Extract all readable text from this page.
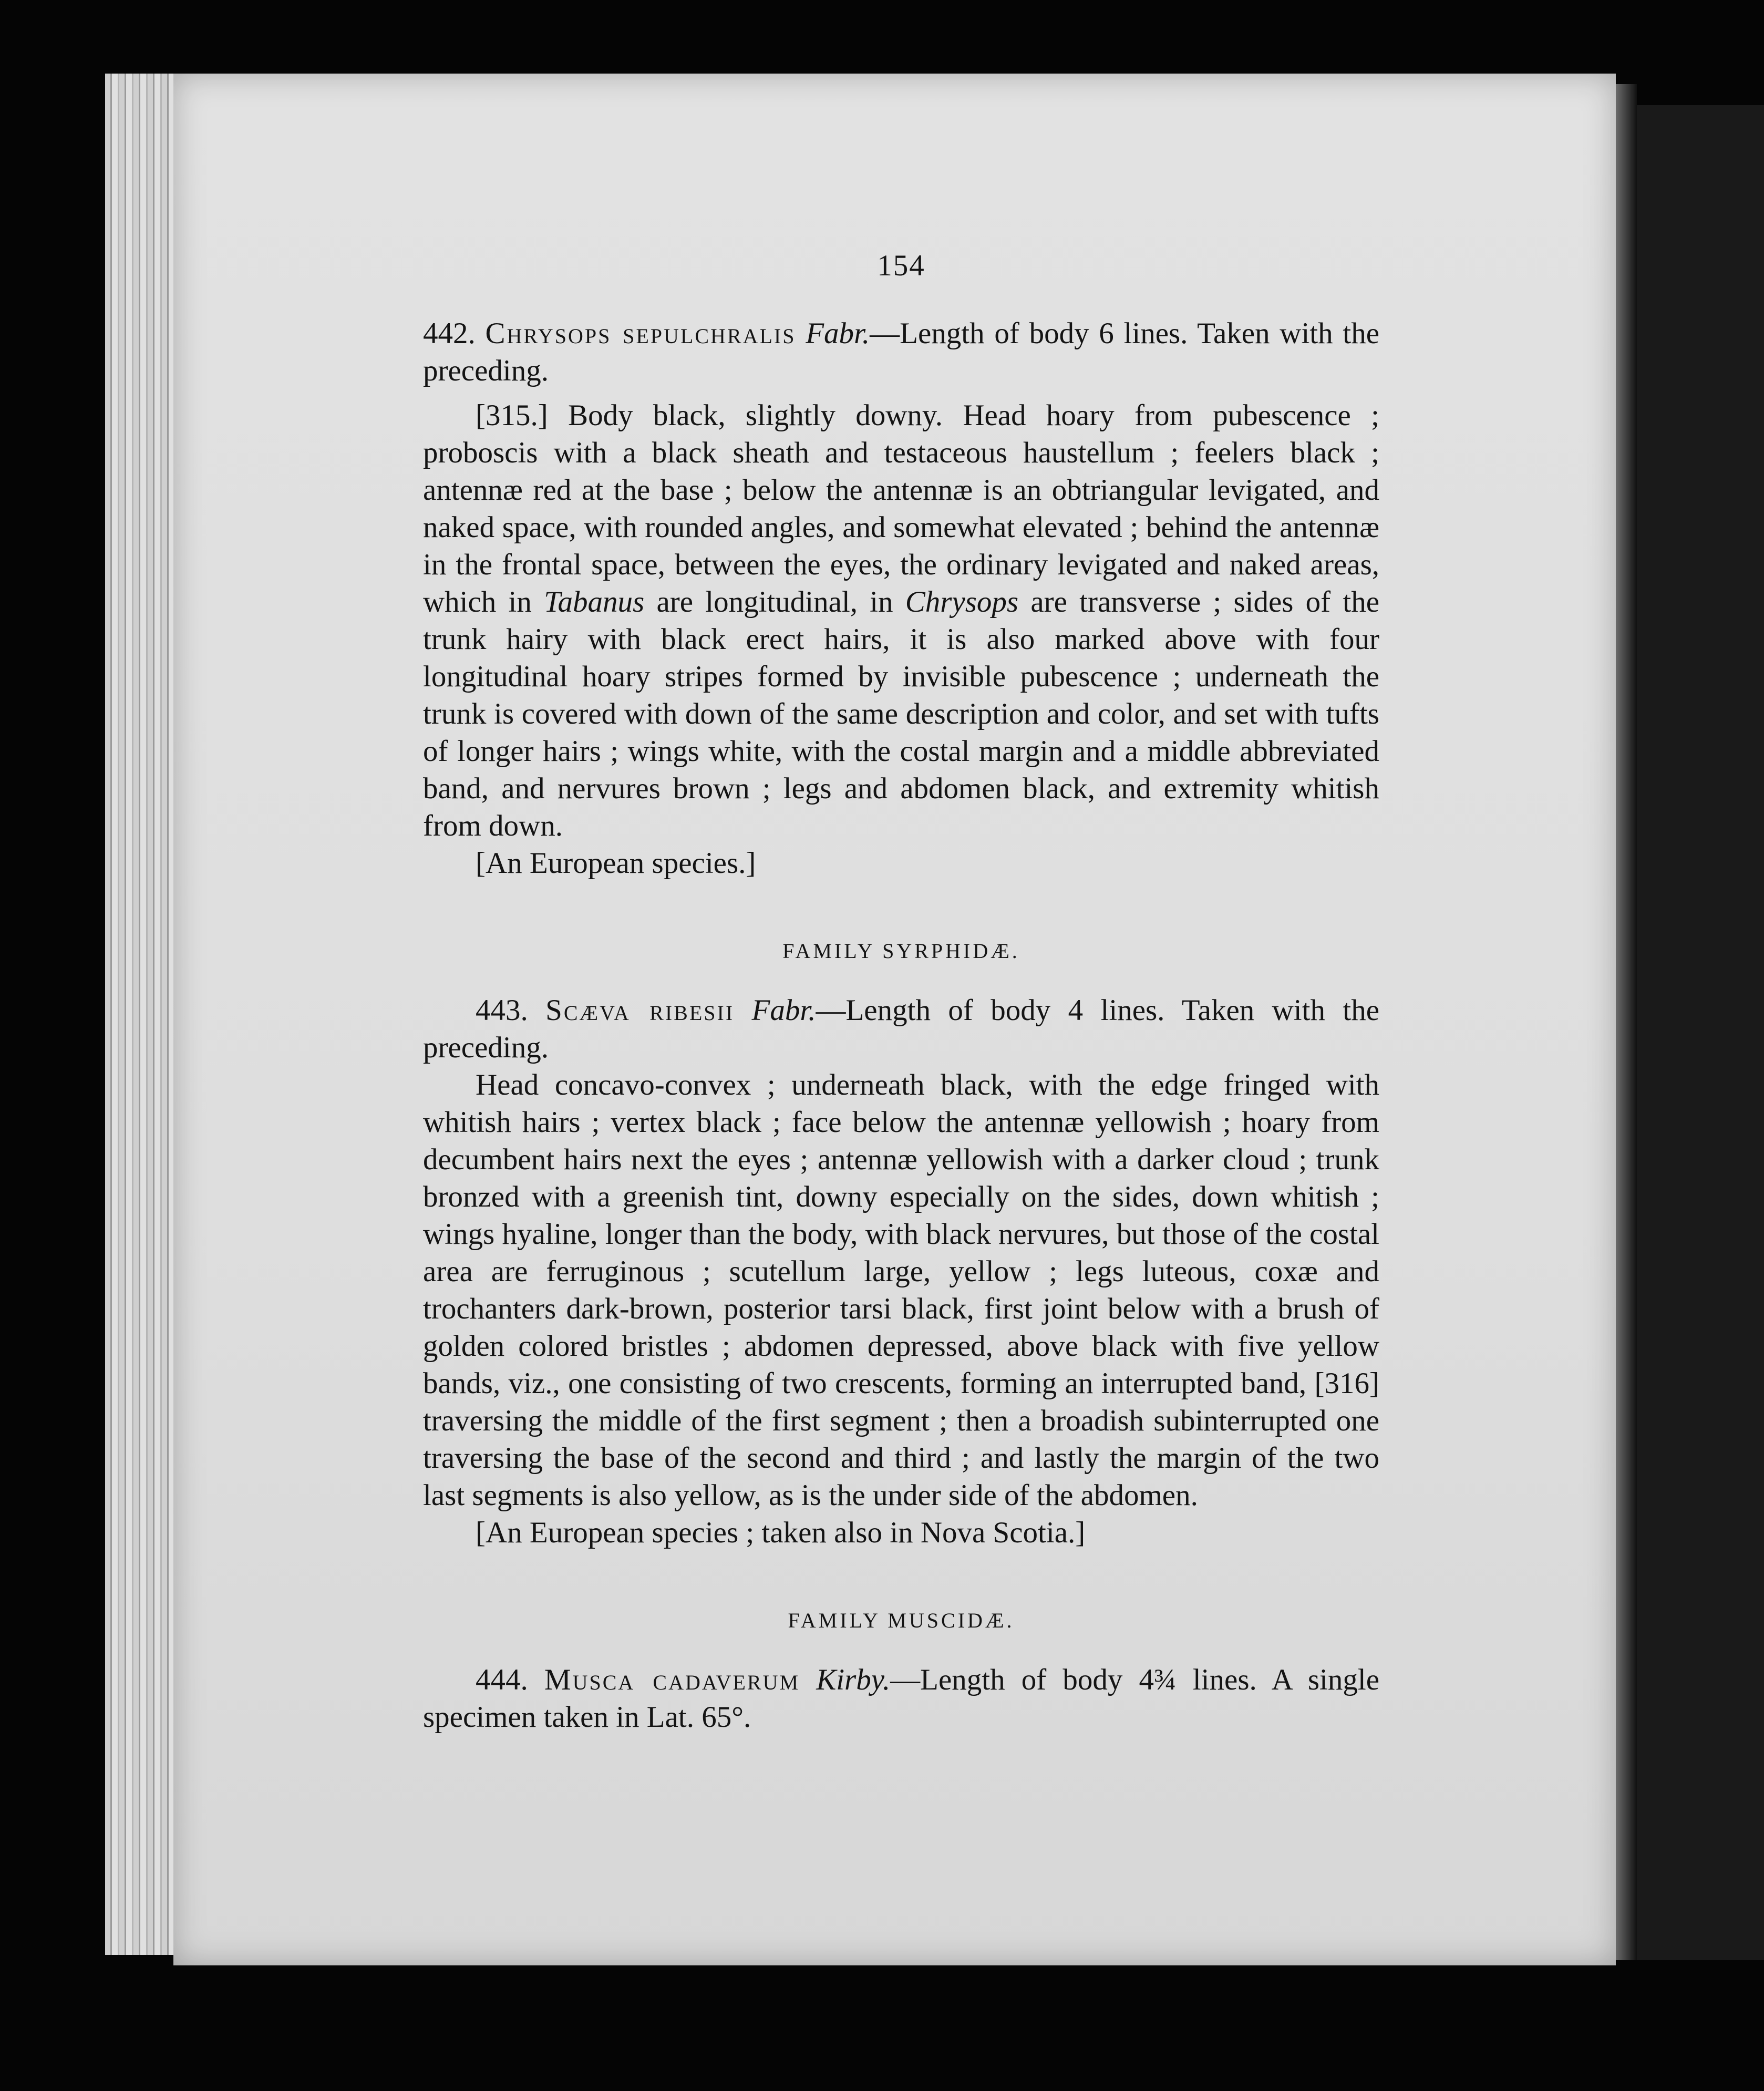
154

442. Chrysops sepulchralis Fabr.—Length of body 6 lines. Taken with the preceding.

[315.] Body black, slightly downy. Head hoary from pubescence ; proboscis with a black sheath and testaceous haustellum ; feelers black ; antennæ red at the base ; below the antennæ is an obtriangular levigated, and naked space, with rounded angles, and somewhat elevated ; behind the antennæ in the frontal space, between the eyes, the ordinary levigated and naked areas, which in Tabanus are longitudinal, in Chrysops are transverse ; sides of the trunk hairy with black erect hairs, it is also marked above with four longitudinal hoary stripes formed by invisible pubescence ; underneath the trunk is covered with down of the same description and color, and set with tufts of longer hairs ; wings white, with the costal margin and a middle abbreviated band, and nervures brown ; legs and abdomen black, and extremity whitish from down.

[An European species.]

FAMILY SYRPHIDÆ.

443. Scæva ribesii Fabr.—Length of body 4 lines. Taken with the preceding.

Head concavo-convex ; underneath black, with the edge fringed with whitish hairs ; vertex black ; face below the antennæ yellowish ; hoary from decumbent hairs next the eyes ; antennæ yellowish with a darker cloud ; trunk bronzed with a greenish tint, downy especially on the sides, down whitish ; wings hyaline, longer than the body, with black nervures, but those of the costal area are ferruginous ; scutellum large, yellow ; legs luteous, coxæ and trochanters dark-brown, posterior tarsi black, first joint below with a brush of golden colored bristles ; abdomen depressed, above black with five yellow bands, viz., one consisting of two crescents, forming an interrupted band, [316] traversing the middle of the first segment ; then a broadish subinterrupted one traversing the base of the second and third ; and lastly the margin of the two last segments is also yellow, as is the under side of the abdomen.

[An European species ; taken also in Nova Scotia.]

FAMILY MUSCIDÆ.

444. Musca cadaverum Kirby.—Length of body 4¾ lines. A single specimen taken in Lat. 65°.
